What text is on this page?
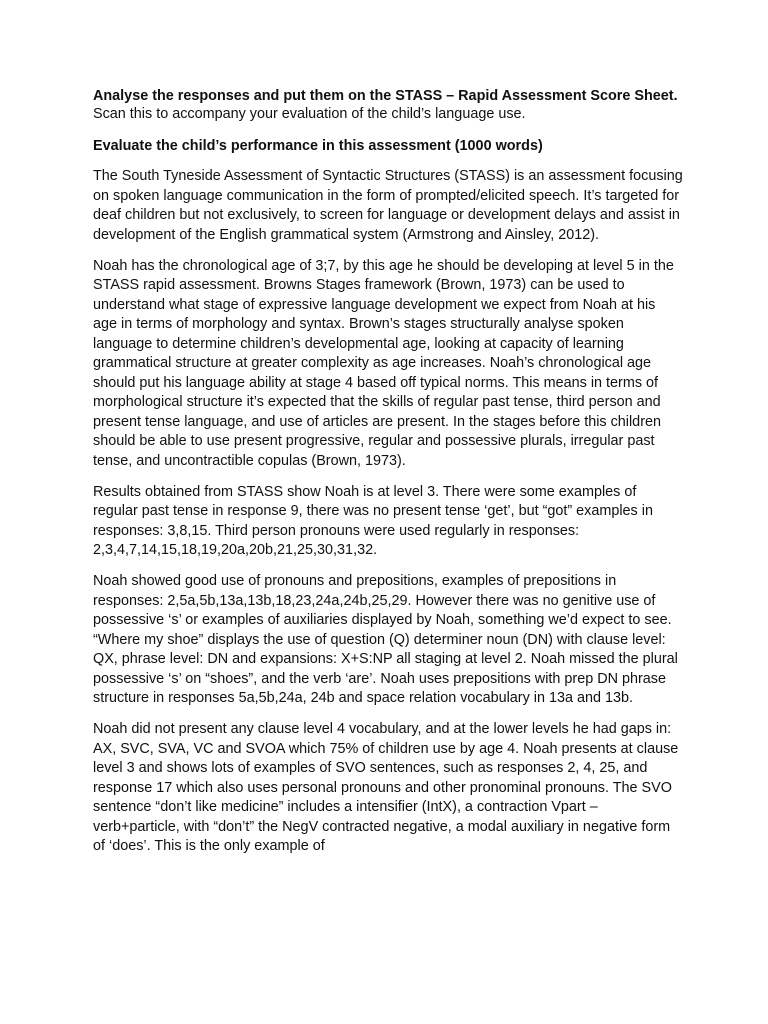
Analyse the responses and put them on the STASS – Rapid Assessment Score Sheet.

Scan this to accompany your evaluation of the child’s language use.

Evaluate the child’s performance in this assessment (1000 words)

The South Tyneside Assessment of Syntactic Structures (STASS) is an assessment focusing on spoken language communication in the form of prompted/elicited speech. It’s targeted for deaf children but not exclusively, to screen for language or development delays and assist in development of the English grammatical system (Armstrong and Ainsley, 2012).

Noah has the chronological age of 3;7, by this age he should be developing at level 5 in the STASS rapid assessment. Browns Stages framework (Brown, 1973) can be used to understand what stage of expressive language development we expect from Noah at his age in terms of morphology and syntax. Brown’s stages structurally analyse spoken language to determine children’s developmental age, looking at capacity of learning grammatical structure at greater complexity as age increases. Noah’s chronological age should put his language ability at stage 4 based off typical norms. This means in terms of morphological structure it’s expected that the skills of regular past tense, third person and present tense language, and use of articles are present. In the stages before this children should be able to use present progressive, regular and possessive plurals, irregular past tense, and uncontractible copulas (Brown, 1973).

Results obtained from STASS show Noah is at level 3. There were some examples of regular past tense in response 9, there was no present tense ‘get’, but “got” examples in responses: 3,8,15. Third person pronouns were used regularly in responses: 2,3,4,7,14,15,18,19,20a,20b,21,25,30,31,32.

Noah showed good use of pronouns and prepositions, examples of prepositions in responses: 2,5a,5b,13a,13b,18,23,24a,24b,25,29. However there was no genitive use of possessive ‘s’ or examples of auxiliaries displayed by Noah, something we’d expect to see. “Where my shoe” displays the use of question (Q) determiner noun (DN) with clause level: QX, phrase level: DN and expansions: X+S:NP all staging at level 2. Noah missed the plural possessive ‘s’ on “shoes”, and the verb ‘are’. Noah uses prepositions with prep DN phrase structure in responses 5a,5b,24a, 24b and space relation vocabulary in 13a and 13b.

Noah did not present any clause level 4 vocabulary, and at the lower levels he had gaps in: AX, SVC, SVA, VC and SVOA which 75% of children use by age 4. Noah presents at clause level 3 and shows lots of examples of SVO sentences, such as responses 2, 4, 25, and response 17 which also uses personal pronouns and other pronominal pronouns. The SVO sentence “don’t like medicine” includes a intensifier (IntX), a contraction Vpart – verb+particle, with “don’t” the NegV contracted negative, a modal auxiliary in negative form of ‘does’. This is the only example of
